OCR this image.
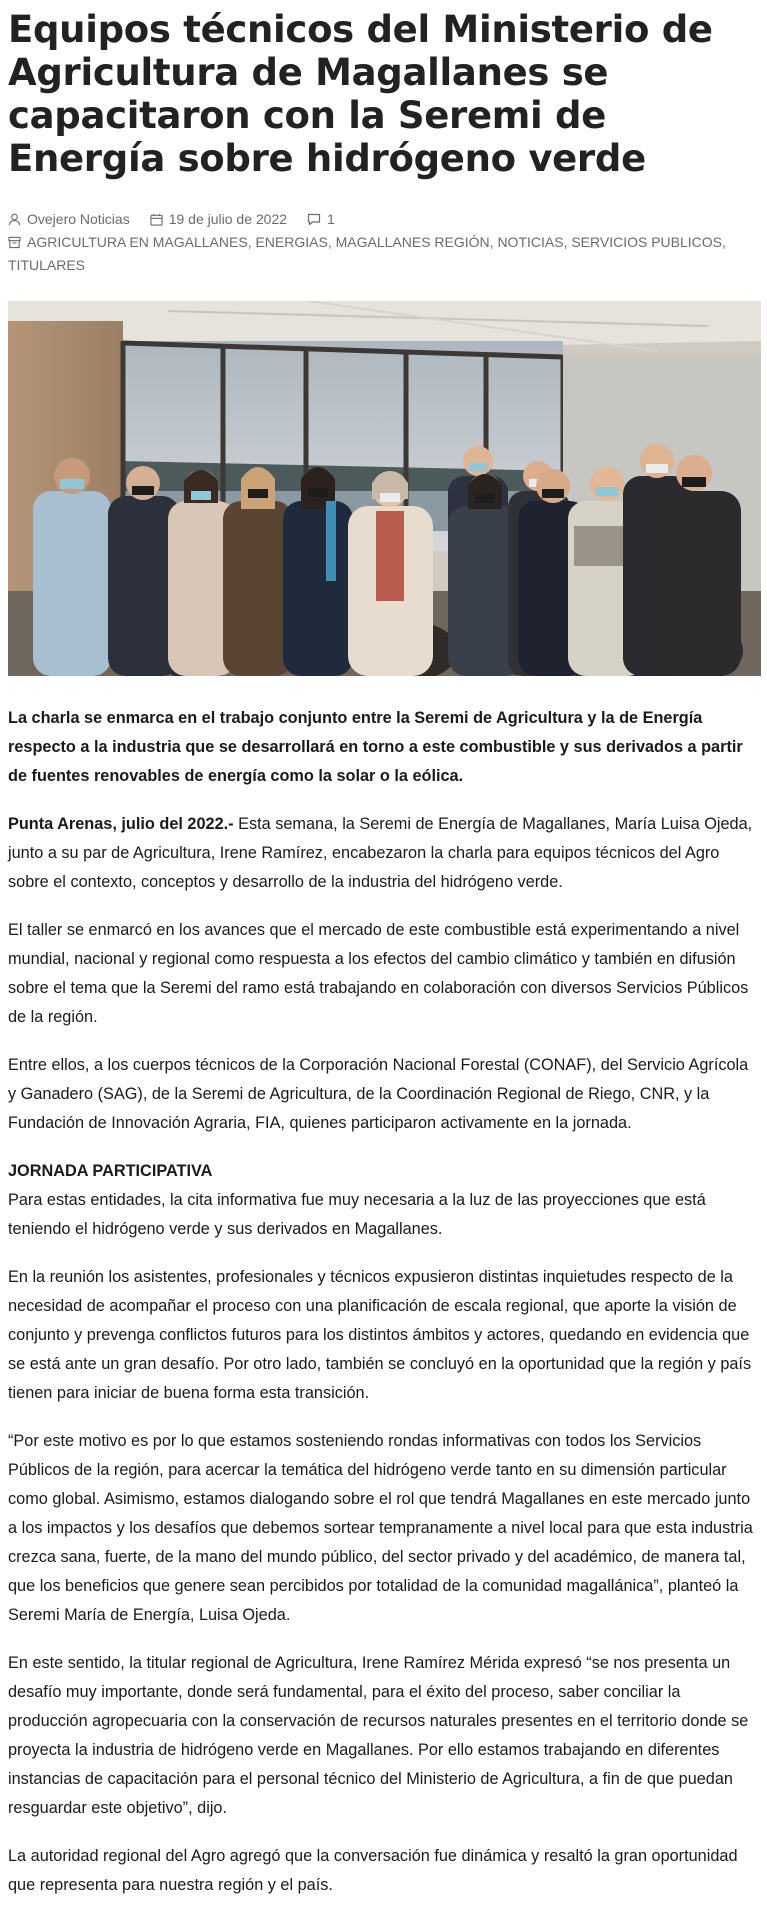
Equipos técnicos del Ministerio de Agricultura de Magallanes se capacitaron con la Seremi de Energía sobre hidrógeno verde
Ovejero Noticias	19 de julio de 2022	1
AGRICULTURA EN MAGALLANES, ENERGIAS, MAGALLANES REGIÓN, NOTICIAS, SERVICIOS PUBLICOS, TITULARES

La charla se enmarca en el trabajo conjunto entre la Seremi de Agricultura y la de Energía respecto a la industria que se desarrollará en torno a este combustible y sus derivados a partir de fuentes renovables de energía como la solar o la eólica.

Punta Arenas, julio del 2022.- Esta semana, la Seremi de Energía de Magallanes, María Luisa Ojeda, junto a su par de Agricultura, Irene Ramírez, encabezaron la charla para equipos técnicos del Agro sobre el contexto, conceptos y desarrollo de la industria del hidrógeno verde.

El taller se enmarcó en los avances que el mercado de este combustible está experimentando a nivel mundial, nacional y regional como respuesta a los efectos del cambio climático y también en difusión sobre el tema que la Seremi del ramo está trabajando en colaboración con diversos Servicios Públicos de la región.

Entre ellos, a los cuerpos técnicos de la Corporación Nacional Forestal (CONAF), del Servicio Agrícola y Ganadero (SAG), de la Seremi de Agricultura, de la Coordinación Regional de Riego, CNR, y la Fundación de Innovación Agraria, FIA, quienes participaron activamente en la jornada.

JORNADA PARTICIPATIVA
Para estas entidades, la cita informativa fue muy necesaria a la luz de las proyecciones que está teniendo el hidrógeno verde y sus derivados en Magallanes.

En la reunión los asistentes, profesionales y técnicos expusieron distintas inquietudes respecto de la necesidad de acompañar el proceso con una planificación de escala regional, que aporte la visión de conjunto y prevenga conflictos futuros para los distintos ámbitos y actores, quedando en evidencia que se está ante un gran desafío. Por otro lado, también se concluyó en la oportunidad que la región y país tienen para iniciar de buena forma esta transición.

“Por este motivo es por lo que estamos sosteniendo rondas informativas con todos los Servicios Públicos de la región, para acercar la temática del hidrógeno verde tanto en su dimensión particular como global. Asimismo, estamos dialogando sobre el rol que tendrá Magallanes en este mercado junto a los impactos y los desafíos que debemos sortear tempranamente a nivel local para que esta industria crezca sana, fuerte, de la mano del mundo público, del sector privado y del académico, de manera tal, que los beneficios que genere sean percibidos por totalidad de la comunidad magallánica”, planteó la Seremi María de Energía, Luisa Ojeda.

En este sentido, la titular regional de Agricultura, Irene Ramírez Mérida expresó “se nos presenta un desafío muy importante, donde será fundamental, para el éxito del proceso, saber conciliar la producción agropecuaria con la conservación de recursos naturales presentes en el territorio donde se proyecta la industria de hidrógeno verde en Magallanes. Por ello estamos trabajando en diferentes instancias de capacitación para el personal técnico del Ministerio de Agricultura, a fin de que puedan resguardar este objetivo”, dijo.

La autoridad regional del Agro agregó que la conversación fue dinámica y resaltó la gran oportunidad que representa para nuestra región y el país.
